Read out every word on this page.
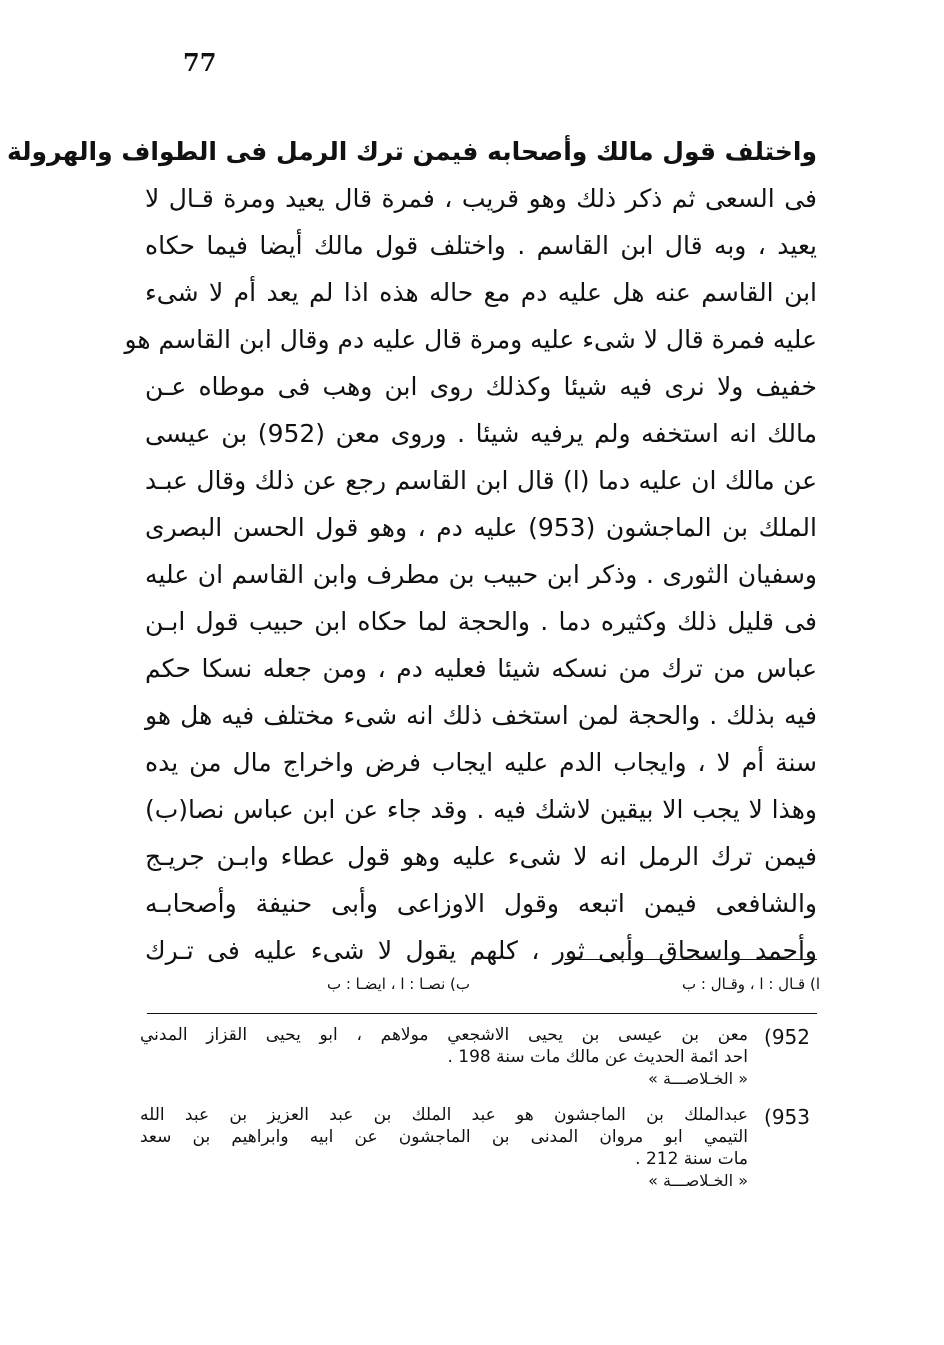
77
واختلف قول مالك وأصحابه فيمن ترك الرمل فى الطواف والهرولة
فى السعى ثم ذكر ذلك وهو قريب ، فمرة قال يعيد ومرة قـال لا
يعيد ، وبه قال ابن القاسم . واختلف قول مالك أيضا فيما حكاه
ابن القاسم عنه هل عليه دم مع حاله هذه اذا لم يعد أم لا شىء
عليه فمرة قال لا شىء عليه ومرة قال عليه دم وقال ابن القاسم هو
خفيف ولا نرى فيه شيئا وكذلك روى ابن وهب فى موطاه عـن
مالك انه استخفه ولم يرفيه شيئا . وروى معن (952) بن عيسى
عن مالك ان عليه دما (ا) قال ابن القاسم رجع عن ذلك وقال عبـد
الملك بن الماجشون (953) عليه دم ، وهو قول الحسن البصرى
وسفيان الثورى . وذكر ابن حبيب بن مطرف وابن القاسم ان عليه
فى قليل ذلك وكثيره دما . والحجة لما حكاه ابن حبيب قول ابـن
عباس من ترك من نسكه شيئا فعليه دم ، ومن جعله نسكا حكم
فيه بذلك . والحجة لمن استخف ذلك انه شىء مختلف فيه هل هو
سنة أم لا ، وايجاب الدم عليه ايجاب فرض واخراج مال من يده
وهذا لا يجب الا بيقين لاشك فيه . وقد جاء عن ابن عباس نصا(ب)
فيمن ترك الرمل انه لا شىء عليه وهو قول عطاء وابـن جريـج
والشافعى فيمن اتبعه وقول الاوزاعى وأبى حنيفة وأصحابـه
وأحمد واسحاق وأبى ثور ، كلهم يقول لا شىء عليه فى تـرك
ا) قـال : ا ، وقـال : ب
ب) نصـا : ا ، ايضـا : ب
952)
معن بن عيسى بن يحيى الاشجعي مولاهم ، ابو يحيى القزاز المدني
احد ائمة الحديث عن مالك مات سنة 198 .
« الخـلاصـــة »
953)
عبدالملك بن الماجشون هو عبد الملك بن عبد العزيز بن عبد الله
التيمي ابو مروان المدنى بن الماجشون عن ابيه وابراهيم بن سعد
مات سنة 212 .
« الخـلاصـــة »
